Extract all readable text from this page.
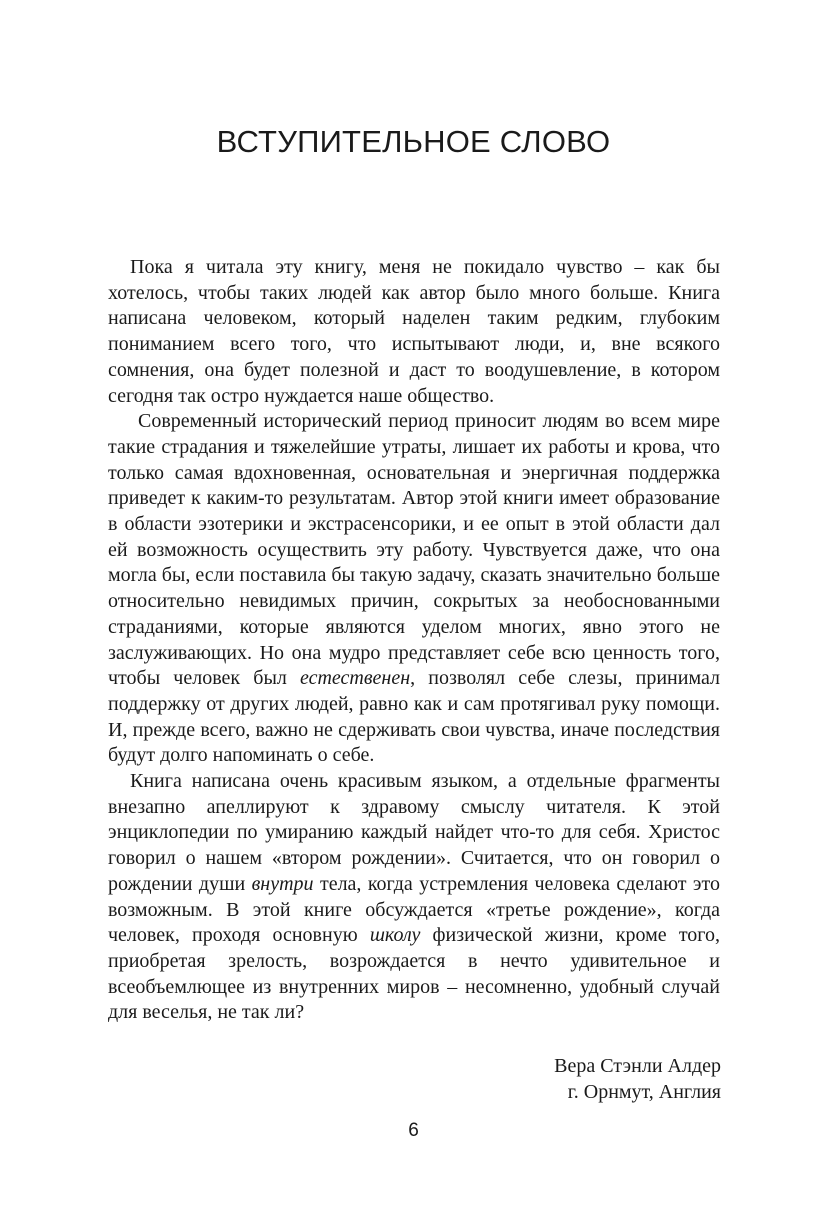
ВСТУПИТЕЛЬНОЕ СЛОВО

Пока я читала эту книгу, меня не покидало чувство – как бы хотелось, чтобы таких людей как автор было много больше. Книга написана человеком, который наделен таким редким, глубоким пониманием всего того, что испытывают люди, и, вне всякого сомнения, она будет полезной и даст то воодушевление, в котором сегодня так остро нуждается наше общество.

Современный исторический период приносит людям во всем мире такие страдания и тяжелейшие утраты, лишает их работы и крова, что только самая вдохновенная, основательная и энергичная поддержка приведет к каким-то результатам. Автор этой книги имеет образование в области эзотерики и экстрасенсорики, и ее опыт в этой области дал ей возможность осуществить эту работу. Чувствуется даже, что она могла бы, если поставила бы такую задачу, сказать значительно больше относительно невидимых причин, сокрытых за необоснованными страданиями, которые являются уделом многих, явно этого не заслуживающих. Но она мудро представляет себе всю ценность того, чтобы человек был естественен, позволял себе слезы, принимал поддержку от других людей, равно как и сам протягивал руку помощи. И, прежде всего, важно не сдерживать свои чувства, иначе последствия будут долго напоминать о себе.

Книга написана очень красивым языком, а отдельные фрагменты внезапно апеллируют к здравому смыслу читателя. К этой энциклопедии по умиранию каждый найдет что-то для себя. Христос говорил о нашем «втором рождении». Считается, что он говорил о рождении души внутри тела, когда устремления человека сделают это возможным. В этой книге обсуждается «третье рождение», когда человек, проходя основную школу физической жизни, кроме того, приобретая зрелость, возрождается в нечто удивительное и всеобъемлющее из внутренних миров – несомненно, удобный случай для веселья, не так ли?

Вера Стэнли Алдер
г. Орнмут, Англия
6
